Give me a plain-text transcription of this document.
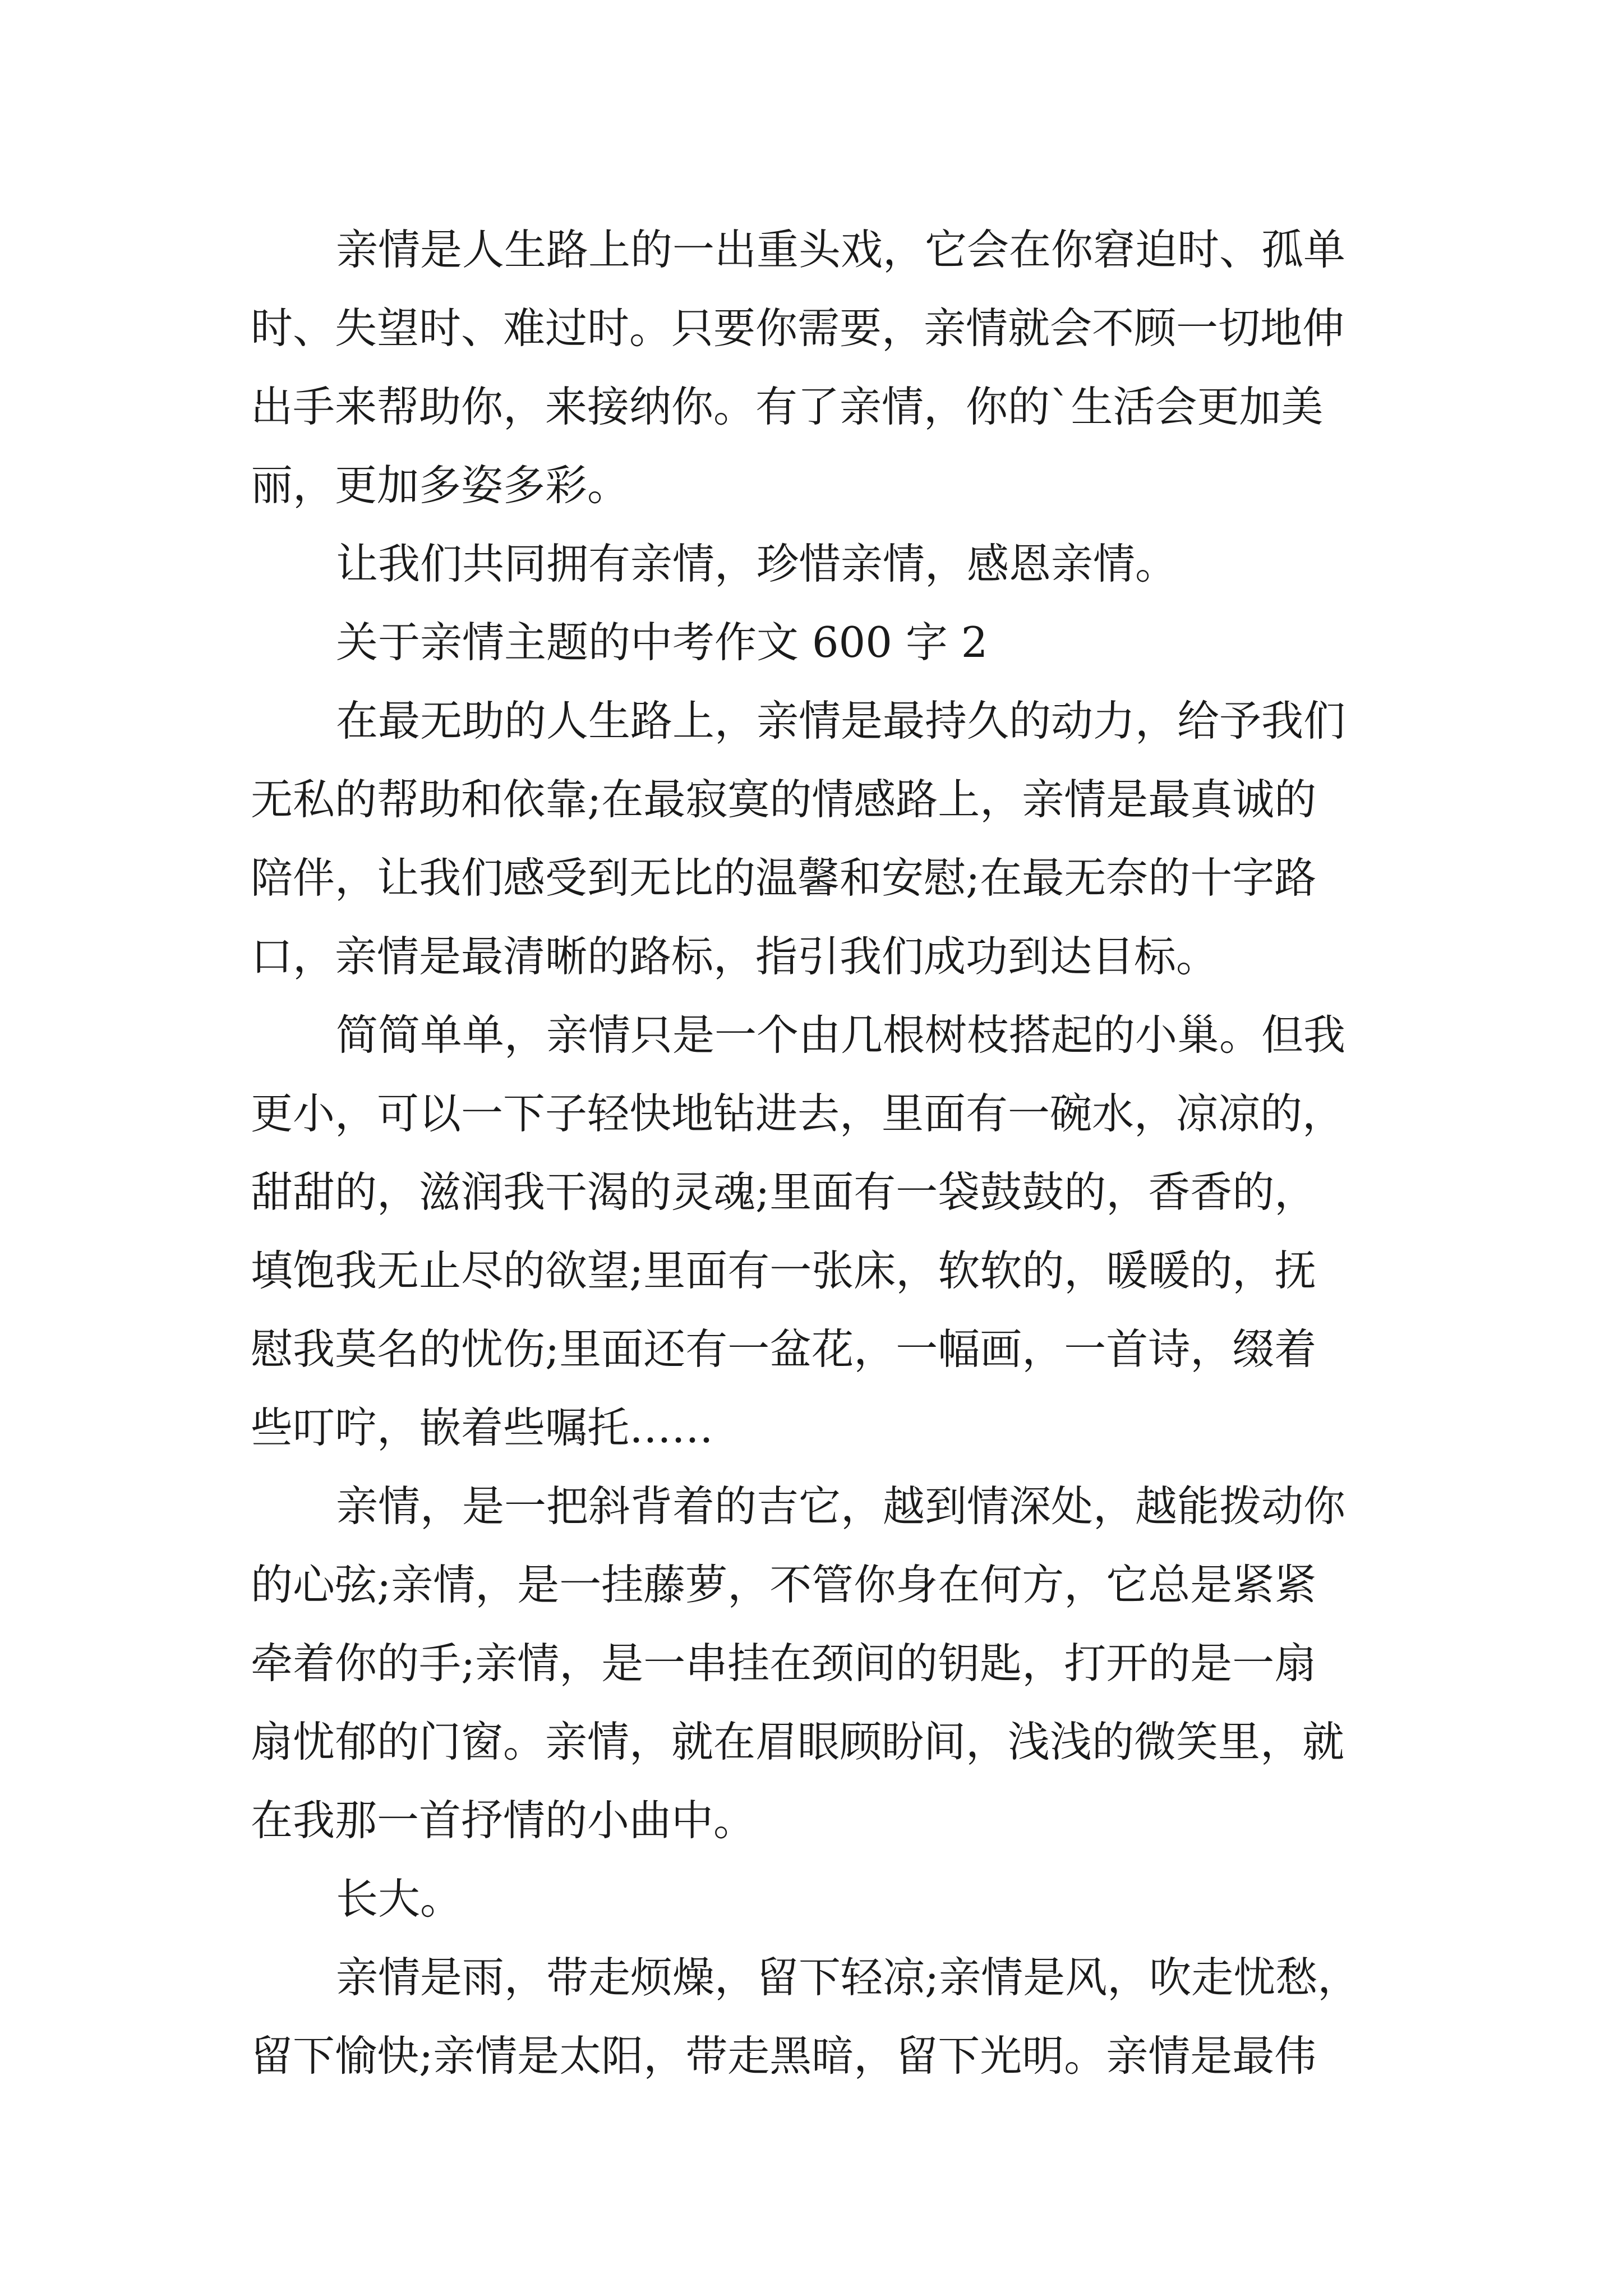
亲情是人生路上的一出重头戏，它会在你窘迫时、孤单
时、失望时、难过时。只要你需要，亲情就会不顾一切地伸
出手来帮助你，来接纳你。有了亲情，你的`生活会更加美
丽，更加多姿多彩。
让我们共同拥有亲情，珍惜亲情，感恩亲情。
关于亲情主题的中考作文 600 字 2
在最无助的人生路上，亲情是最持久的动力，给予我们
无私的帮助和依靠;在最寂寞的情感路上，亲情是最真诚的
陪伴，让我们感受到无比的温馨和安慰;在最无奈的十字路
口，亲情是最清晰的路标，指引我们成功到达目标。
简简单单，亲情只是一个由几根树枝搭起的小巢。但我
更小，可以一下子轻快地钻进去，里面有一碗水，凉凉的，
甜甜的，滋润我干渴的灵魂;里面有一袋鼓鼓的，香香的，
填饱我无止尽的欲望;里面有一张床，软软的，暖暖的，抚
慰我莫名的忧伤;里面还有一盆花，一幅画，一首诗，缀着
些叮咛，嵌着些嘱托……
亲情，是一把斜背着的吉它，越到情深处，越能拨动你
的心弦;亲情，是一挂藤萝，不管你身在何方，它总是紧紧
牵着你的手;亲情，是一串挂在颈间的钥匙，打开的是一扇
扇忧郁的门窗。亲情，就在眉眼顾盼间，浅浅的微笑里，就
在我那一首抒情的小曲中。
长大。
亲情是雨，带走烦燥，留下轻凉;亲情是风，吹走忧愁，
留下愉快;亲情是太阳，带走黑暗，留下光明。亲情是最伟
